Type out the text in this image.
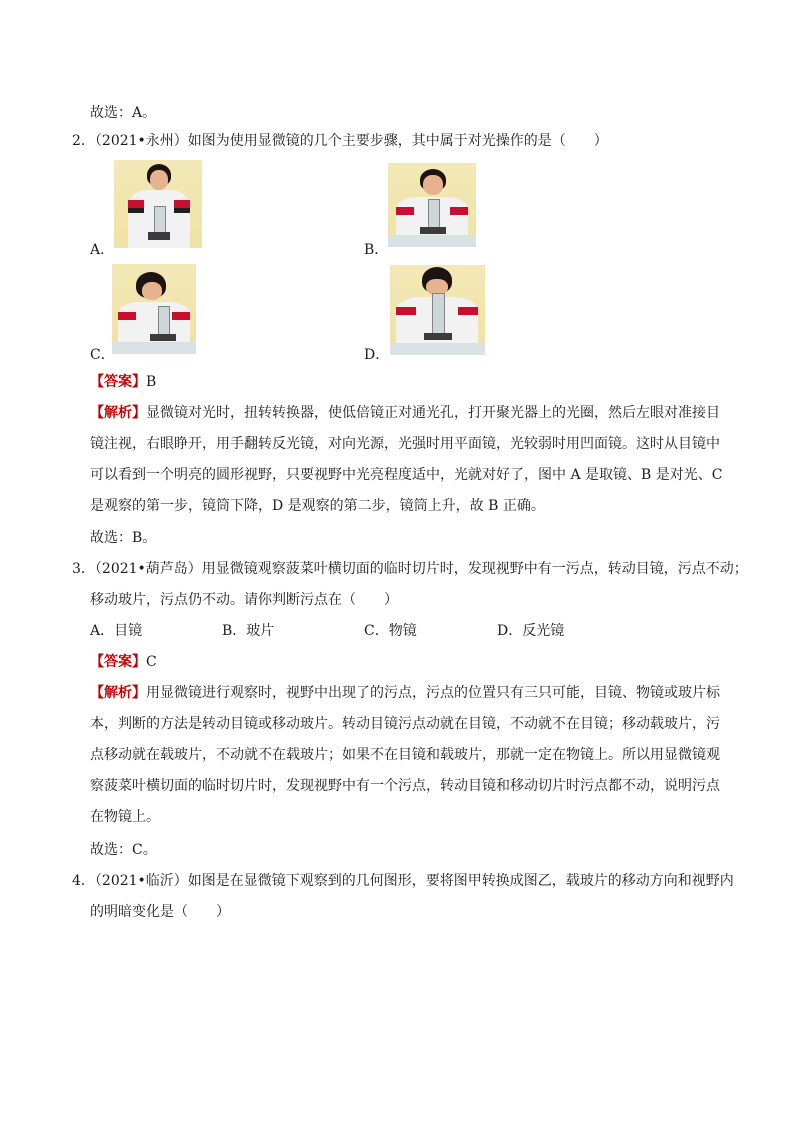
故选：A。
2．（2021•永州）如图为使用显微镜的几个主要步骤，其中属于对光操作的是（　　）
A．	B．
C．	D．
【答案】B
【解析】显微镜对光时，扭转转换器，使低倍镜正对通光孔，打开聚光器上的光圈，然后左眼对准接目
镜注视，右眼睁开，用手翻转反光镜，对向光源，光强时用平面镜，光较弱时用凹面镜。这时从目镜中
可以看到一个明亮的圆形视野，只要视野中光亮程度适中，光就对好了，图中 A 是取镜、B 是对光、C
是观察的第一步，镜筒下降，D 是观察的第二步，镜筒上升，故 B 正确。
故选：B。
3．（2021•葫芦岛）用显微镜观察菠菜叶横切面的临时切片时，发现视野中有一污点，转动目镜，污点不动；
移动玻片，污点仍不动。请你判断污点在（　　）
A．目镜	B．玻片	C．物镜	D．反光镜
【答案】C
【解析】用显微镜进行观察时，视野中出现了的污点，污点的位置只有三只可能，目镜、物镜或玻片标
本，判断的方法是转动目镜或移动玻片。转动目镜污点动就在目镜，不动就不在目镜；移动载玻片，污
点移动就在载玻片，不动就不在载玻片；如果不在目镜和载玻片，那就一定在物镜上。所以用显微镜观
察菠菜叶横切面的临时切片时，发现视野中有一个污点，转动目镜和移动切片时污点都不动，说明污点
在物镜上。
故选：C。
4．（2021•临沂）如图是在显微镜下观察到的几何图形，要将图甲转换成图乙，载玻片的移动方向和视野内
的明暗变化是（　　）
